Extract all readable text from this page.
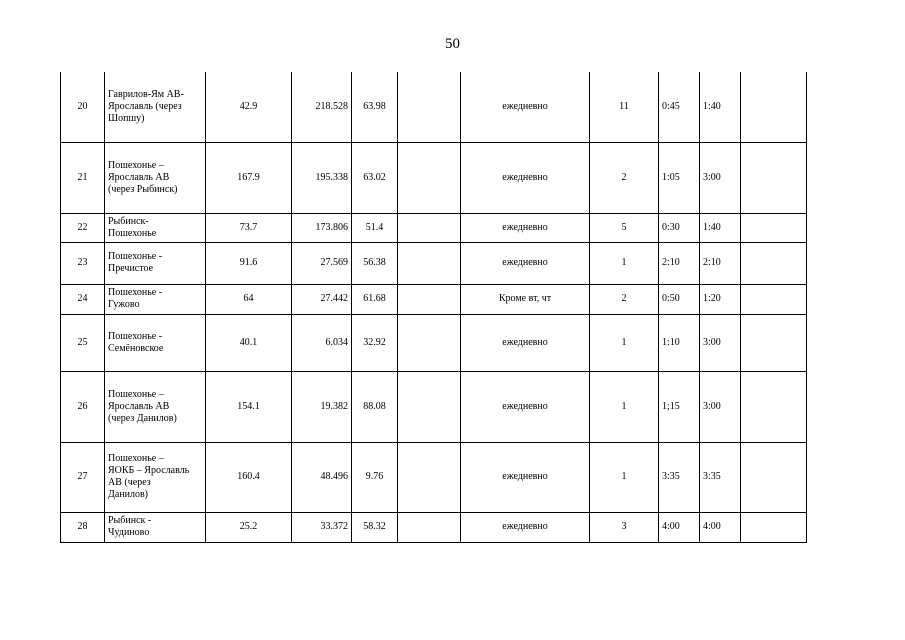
50
20	Гаврилов-Ям АВ-
Ярославль (через
Шопшу)	42.9	218.528	63.98		ежедневно	11	0:45	1:40	
21	Пошехонье –
Ярославль АВ
(через Рыбинск)	167.9	195.338	63.02		ежедневно	2	1:05	3:00	
22	Рыбинск-
Пошехонье	73.7	173.806	51.4		ежедневно	5	0:30	1:40	
23	Пошехонье -
Пречистое	91.6	27.569	56.38		ежедневно	1	2:10	2:10	
24	Пошехонье -
Гужово	64	27.442	61.68		Кроме вт, чт	2	0:50	1:20	
25	Пошехонье -
Семёновское	40.1	6.034	32.92		ежедневно	1	1:10	3:00	
26	Пошехонье –
Ярославль АВ
(через Данилов)	154.1	19.382	88.08		ежедневно	1	1;15	3:00	
27	Пошехонье –
ЯОКБ – Ярославль
АВ (через
Данилов)	160.4	48.496	9.76		ежедневно	1	3:35	3:35	
28	Рыбинск -
Чудиново	25.2	33.372	58.32		ежедневно	3	4:00	4:00	
